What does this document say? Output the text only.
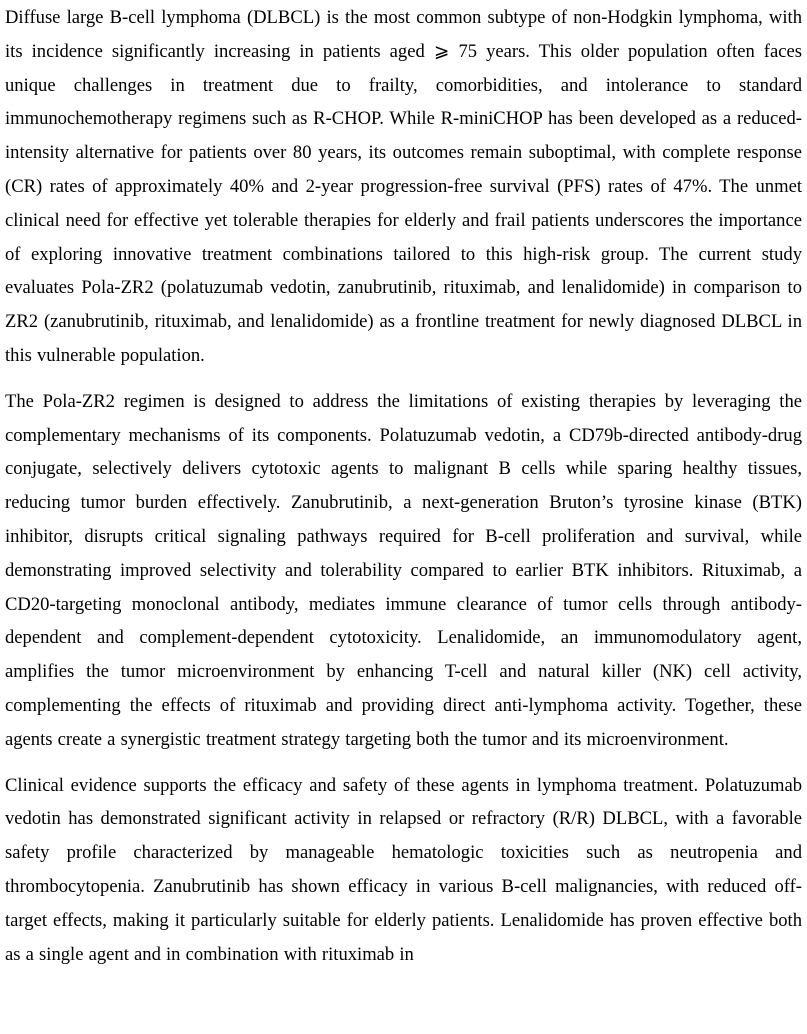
Diffuse large B-cell lymphoma (DLBCL) is the most common subtype of non-Hodgkin lymphoma, with its incidence significantly increasing in patients aged ⩾ 75 years. This older population often faces unique challenges in treatment due to frailty, comorbidities, and intolerance to standard immunochemotherapy regimens such as R-CHOP. While R-miniCHOP has been developed as a reduced-intensity alternative for patients over 80 years, its outcomes remain suboptimal, with complete response (CR) rates of approximately 40% and 2-year progression-free survival (PFS) rates of 47%. The unmet clinical need for effective yet tolerable therapies for elderly and frail patients underscores the importance of exploring innovative treatment combinations tailored to this high-risk group. The current study evaluates Pola-ZR2 (polatuzumab vedotin, zanubrutinib, rituximab, and lenalidomide) in comparison to ZR2 (zanubrutinib, rituximab, and lenalidomide) as a frontline treatment for newly diagnosed DLBCL in this vulnerable population.

The Pola-ZR2 regimen is designed to address the limitations of existing therapies by leveraging the complementary mechanisms of its components. Polatuzumab vedotin, a CD79b-directed antibody-drug conjugate, selectively delivers cytotoxic agents to malignant B cells while sparing healthy tissues, reducing tumor burden effectively. Zanubrutinib, a next-generation Bruton’s tyrosine kinase (BTK) inhibitor, disrupts critical signaling pathways required for B-cell proliferation and survival, while demonstrating improved selectivity and tolerability compared to earlier BTK inhibitors. Rituximab, a CD20-targeting monoclonal antibody, mediates immune clearance of tumor cells through antibody-dependent and complement-dependent cytotoxicity. Lenalidomide, an immunomodulatory agent, amplifies the tumor microenvironment by enhancing T-cell and natural killer (NK) cell activity, complementing the effects of rituximab and providing direct anti-lymphoma activity. Together, these agents create a synergistic treatment strategy targeting both the tumor and its microenvironment.

Clinical evidence supports the efficacy and safety of these agents in lymphoma treatment. Polatuzumab vedotin has demonstrated significant activity in relapsed or refractory (R/R) DLBCL, with a favorable safety profile characterized by manageable hematologic toxicities such as neutropenia and thrombocytopenia. Zanubrutinib has shown efficacy in various B-cell malignancies, with reduced off-target effects, making it particularly suitable for elderly patients. Lenalidomide has proven effective both as a single agent and in combination with rituximab in
